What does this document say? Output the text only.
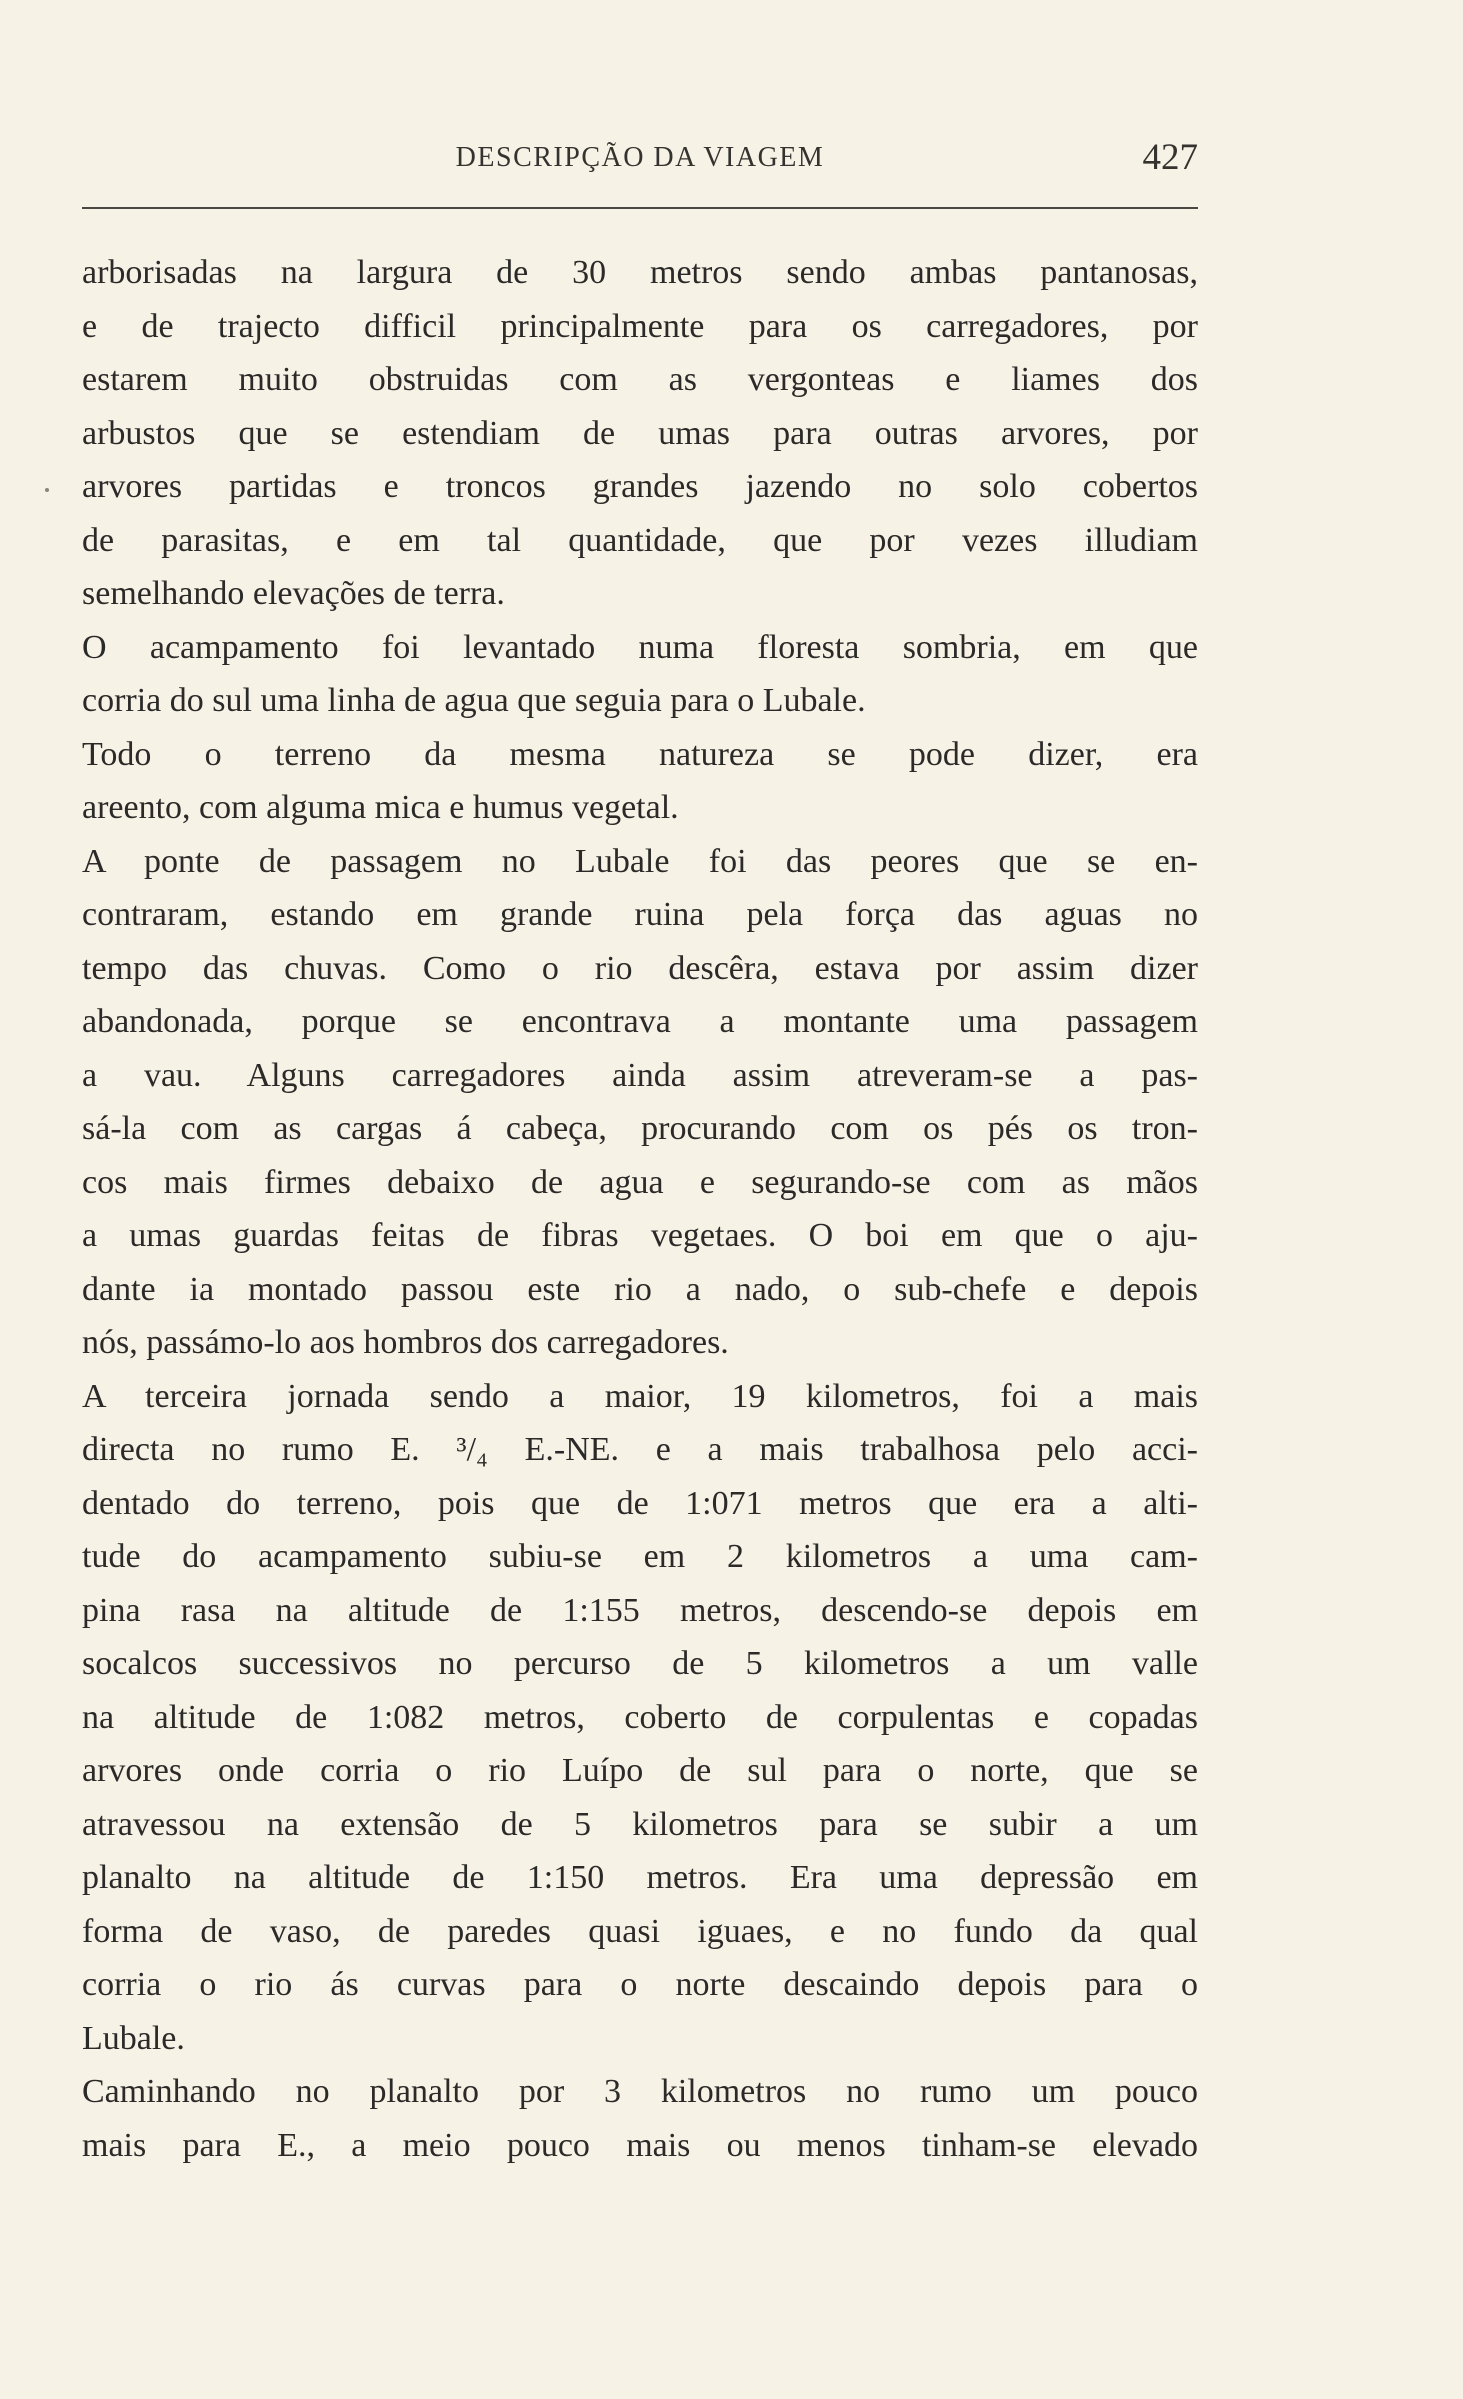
DESCRIPÇÃO DA VIAGEM	427
arborisadas na largura de 30 metros sendo ambas pantanosas,
e de trajecto difficil principalmente para os carregadores, por
estarem muito obstruidas com as vergonteas e liames dos
arbustos que se estendiam de umas para outras arvores, por
arvores partidas e troncos grandes jazendo no solo cobertos
de parasitas, e em tal quantidade, que por vezes illudiam
semelhando elevações de terra.
O acampamento foi levantado numa floresta sombria, em que
corria do sul uma linha de agua que seguia para o Lubale.
Todo o terreno da mesma natureza se pode dizer, era
areento, com alguma mica e humus vegetal.
A ponte de passagem no Lubale foi das peores que se en-
contraram, estando em grande ruina pela força das aguas no
tempo das chuvas. Como o rio descêra, estava por assim dizer
abandonada, porque se encontrava a montante uma passagem
a vau. Alguns carregadores ainda assim atreveram-se a pas-
sá-la com as cargas á cabeça, procurando com os pés os tron-
cos mais firmes debaixo de agua e segurando-se com as mãos
a umas guardas feitas de fibras vegetaes. O boi em que o aju-
dante ia montado passou este rio a nado, o sub-chefe e depois
nós, passámo-lo aos hombros dos carregadores.
A terceira jornada sendo a maior, 19 kilometros, foi a mais
directa no rumo E. ³/₄ E.-NE. e a mais trabalhosa pelo acci-
dentado do terreno, pois que de 1:071 metros que era a alti-
tude do acampamento subiu-se em 2 kilometros a uma cam-
pina rasa na altitude de 1:155 metros, descendo-se depois em
socalcos successivos no percurso de 5 kilometros a um valle
na altitude de 1:082 metros, coberto de corpulentas e copadas
arvores onde corria o rio Luípo de sul para o norte, que se
atravessou na extensão de 5 kilometros para se subir a um
planalto na altitude de 1:150 metros. Era uma depressão em
forma de vaso, de paredes quasi iguaes, e no fundo da qual
corria o rio ás curvas para o norte descaindo depois para o
Lubale.
Caminhando no planalto por 3 kilometros no rumo um pouco
mais para E., a meio pouco mais ou menos tinham-se elevado
